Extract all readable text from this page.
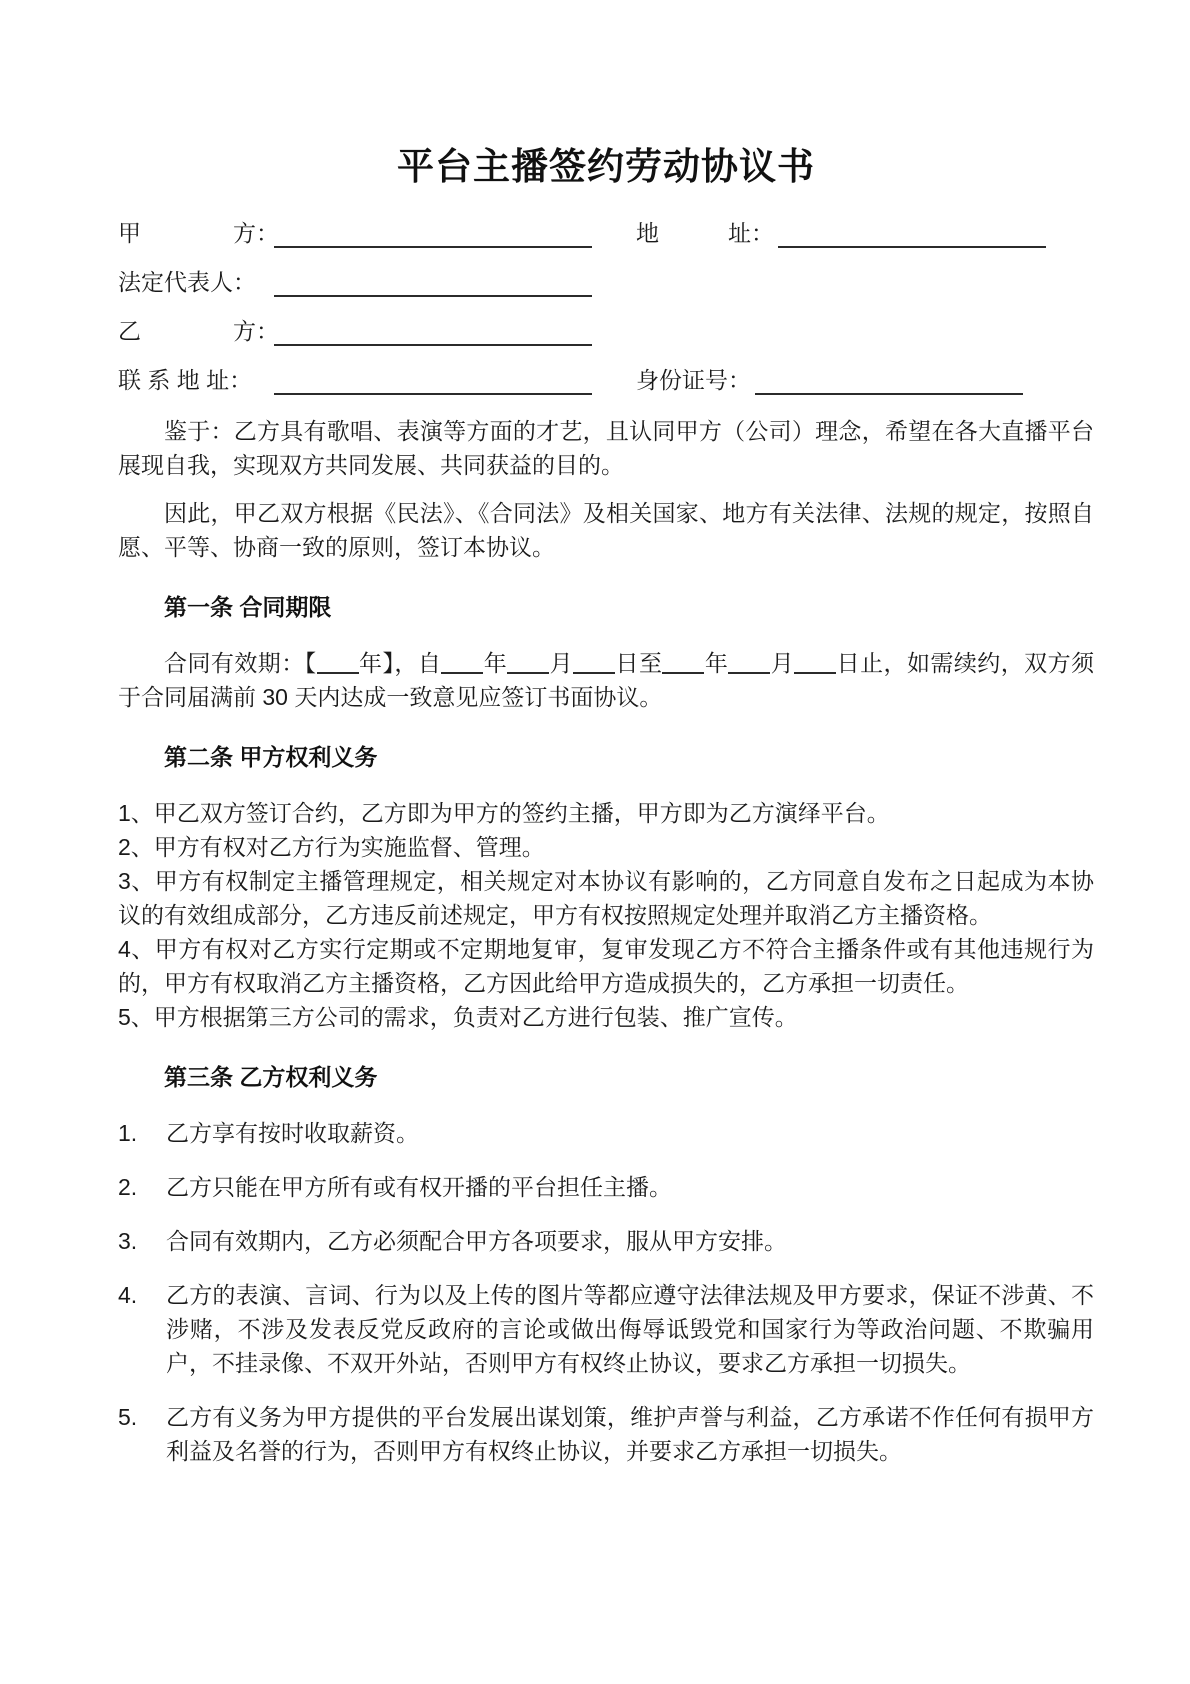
平台主播签约劳动协议书
甲　　　　方：	地　　　址：
法定代表人：
乙　　　　方：
联 系 地 址：	身份证号：

鉴于：乙方具有歌唱、表演等方面的才艺，且认同甲方（公司）理念，希望在各大直播平台展现自我，实现双方共同发展、共同获益的目的。

因此，甲乙双方根据《民法》、《合同法》及相关国家、地方有关法律、法规的规定，按照自愿、平等、协商一致的原则，签订本协议。

第一条 合同期限

合同有效期：【 年】，自 年 月 日至 年 月 日止，如需续约，双方须于合同届满前 30 天内达成一致意见应签订书面协议。

第二条 甲方权利义务

1、甲乙双方签订合约，乙方即为甲方的签约主播，甲方即为乙方演绎平台。

2、甲方有权对乙方行为实施监督、管理。

3、甲方有权制定主播管理规定，相关规定对本协议有影响的，乙方同意自发布之日起成为本协议的有效组成部分，乙方违反前述规定，甲方有权按照规定处理并取消乙方主播资格。

4、甲方有权对乙方实行定期或不定期地复审，复审发现乙方不符合主播条件或有其他违规行为的，甲方有权取消乙方主播资格，乙方因此给甲方造成损失的，乙方承担一切责任。

5、甲方根据第三方公司的需求，负责对乙方进行包装、推广宣传。

第三条 乙方权利义务

1. 乙方享有按时收取薪资。

2. 乙方只能在甲方所有或有权开播的平台担任主播。

3. 合同有效期内，乙方必须配合甲方各项要求，服从甲方安排。

4. 乙方的表演、言词、行为以及上传的图片等都应遵守法律法规及甲方要求，保证不涉黄、不涉赌，不涉及发表反党反政府的言论或做出侮辱诋毁党和国家行为等政治问题、不欺骗用户，不挂录像、不双开外站，否则甲方有权终止协议，要求乙方承担一切损失。

5. 乙方有义务为甲方提供的平台发展出谋划策，维护声誉与利益，乙方承诺不作任何有损甲方利益及名誉的行为，否则甲方有权终止协议，并要求乙方承担一切损失。
